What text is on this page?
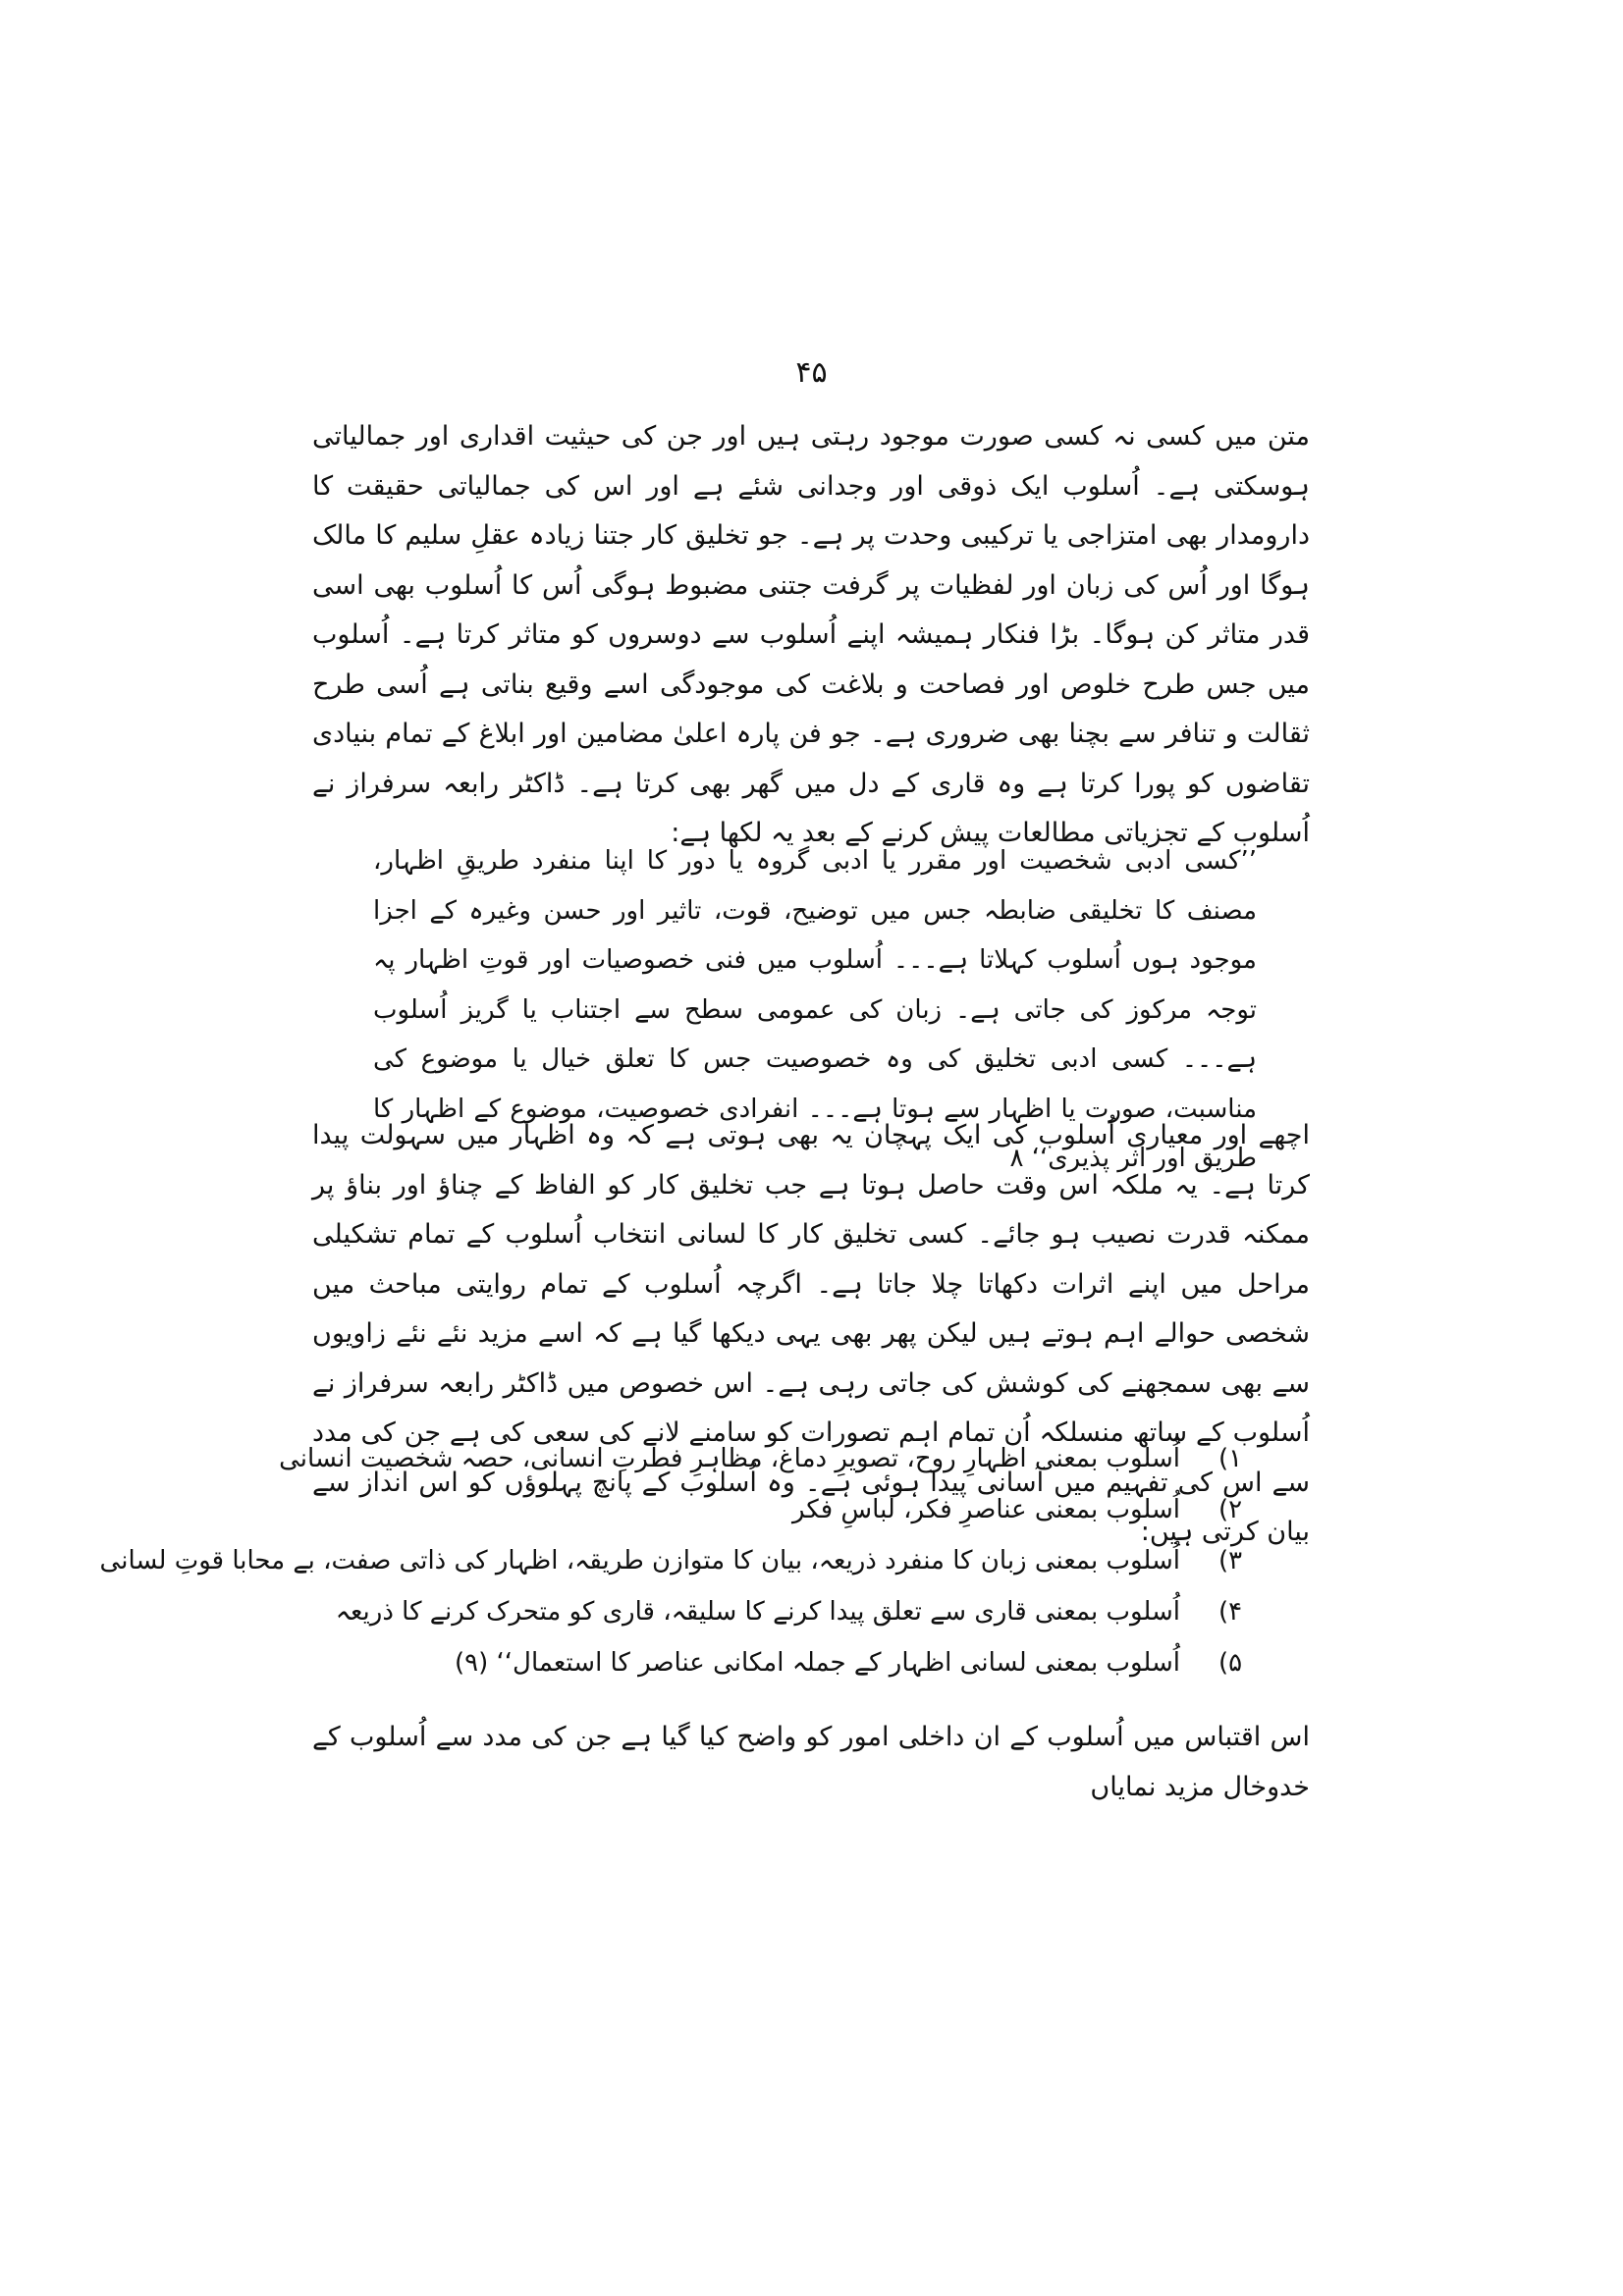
۴۵

متن میں کسی نہ کسی صورت موجود رہتی ہیں اور جن کی حیثیت اقداری اور جمالیاتی ہوسکتی ہے۔ اُسلوب ایک ذوقی اور وجدانی شئے ہے اور اس کی جمالیاتی حقیقت کا دارومدار بھی امتزاجی یا ترکیبی وحدت پر ہے۔ جو تخلیق کار جتنا زیادہ عقلِ سلیم کا مالک ہوگا اور اُس کی زبان اور لفظیات پر گرفت جتنی مضبوط ہوگی اُس کا اُسلوب بھی اسی قدر متاثر کن ہوگا۔ بڑا فنکار ہمیشہ اپنے اُسلوب سے دوسروں کو متاثر کرتا ہے۔ اُسلوب میں جس طرح خلوص اور فصاحت و بلاغت کی موجودگی اسے وقیع بناتی ہے اُسی طرح ثقالت و تنافر سے بچنا بھی ضروری ہے۔ جو فن پارہ اعلیٰ مضامین اور ابلاغ کے تمام بنیادی تقاضوں کو پورا کرتا ہے وہ قاری کے دل میں گھر بھی کرتا ہے۔ ڈاکٹر رابعہ سرفراز نے اُسلوب کے تجزیاتی مطالعات پیش کرنے کے بعد یہ لکھا ہے:

’’کسی ادبی شخصیت اور مقرر یا ادبی گروہ یا دور کا اپنا منفرد طریقِ اظہار، مصنف کا تخلیقی ضابطہ جس میں توضیح، قوت، تاثیر اور حسن وغیرہ کے اجزا موجود ہوں اُسلوب کہلاتا ہے۔۔۔ اُسلوب میں فنی خصوصیات اور قوتِ اظہار پہ توجہ مرکوز کی جاتی ہے۔ زبان کی عمومی سطح سے اجتناب یا گریز اُسلوب ہے۔۔۔ کسی ادبی تخلیق کی وہ خصوصیت جس کا تعلق خیال یا موضوع کی مناسبت، صورت یا اظہار سے ہوتا ہے۔۔۔ انفرادی خصوصیت، موضوع کے اظہار کا طریق اور اثر پذیری‘‘ ۸

اچھے اور معیاری اُسلوب کی ایک پہچان یہ بھی ہوتی ہے کہ وہ اظہار میں سہولت پیدا کرتا ہے۔ یہ ملکہ اس وقت حاصل ہوتا ہے جب تخلیق کار کو الفاظ کے چناؤ اور بناؤ پر ممکنہ قدرت نصیب ہو جائے۔ کسی تخلیق کار کا لسانی انتخاب اُسلوب کے تمام تشکیلی مراحل میں اپنے اثرات دکھاتا چلا جاتا ہے۔ اگرچہ اُسلوب کے تمام روایتی مباحث میں شخصی حوالے اہم ہوتے ہیں لیکن پھر بھی یہی دیکھا گیا ہے کہ اسے مزید نئے نئے زاویوں سے بھی سمجھنے کی کوشش کی جاتی رہی ہے۔ اس خصوص میں ڈاکٹر رابعہ سرفراز نے اُسلوب کے ساتھ منسلکہ اُن تمام اہم تصورات کو سامنے لانے کی سعی کی ہے جن کی مدد سے اس کی تفہیم میں آسانی پیدا ہوئی ہے۔ وہ اُسلوب کے پانچ پہلوؤں کو اس انداز سے بیان کرتی ہیں:

۱)
اُسلوب بمعنی اظہارِ روح، تصویرِ دماغ، مظاہرِ فطرتِ انسانی، حصہ شخصیت انسانی
۲)
اُسلوب بمعنی عناصرِ فکر، لباسِ فکر
۳)
اُسلوب بمعنی زبان کا منفرد ذریعہ، بیان کا متوازن طریقہ، اظہار کی ذاتی صفت، بے محابا قوتِ لسانی
۴)
اُسلوب بمعنی قاری سے تعلق پیدا کرنے کا سلیقہ، قاری کو متحرک کرنے کا ذریعہ
۵)
اُسلوب بمعنی لسانی اظہار کے جملہ امکانی عناصر کا استعمال‘‘ (۹)

اس اقتباس میں اُسلوب کے ان داخلی امور کو واضح کیا گیا ہے جن کی مدد سے اُسلوب کے خدوخال مزید نمایاں
